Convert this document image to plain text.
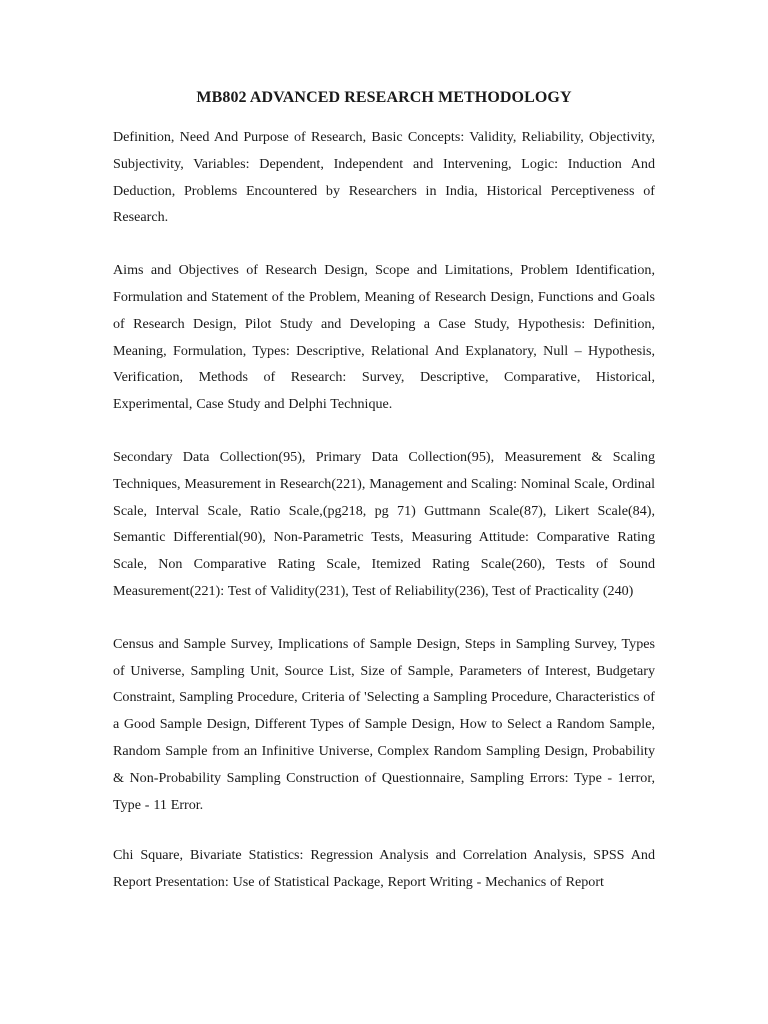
MB802 ADVANCED RESEARCH METHODOLOGY

Definition, Need And Purpose of Research, Basic Concepts: Validity, Reliability, Objectivity, Subjectivity, Variables: Dependent, Independent and Intervening, Logic: Induction And Deduction, Problems Encountered by Researchers in India, Historical Perceptiveness of Research.

Aims and Objectives of Research Design, Scope and Limitations, Problem Identification, Formulation and Statement of the Problem, Meaning of Research Design, Functions and Goals of Research Design, Pilot Study and Developing a Case Study, Hypothesis: Definition, Meaning, Formulation, Types: Descriptive, Relational And Explanatory, Null – Hypothesis, Verification, Methods of Research: Survey, Descriptive, Comparative, Historical, Experimental, Case Study and Delphi Technique.

Secondary Data Collection(95), Primary Data Collection(95), Measurement & Scaling Techniques, Measurement in Research(221), Management and Scaling: Nominal Scale, Ordinal Scale, Interval Scale, Ratio Scale,(pg218, pg 71) Guttmann Scale(87), Likert Scale(84), Semantic Differential(90), Non-Parametric Tests, Measuring Attitude: Comparative Rating Scale, Non Comparative Rating Scale, Itemized Rating Scale(260), Tests of Sound Measurement(221): Test of Validity(231), Test of Reliability(236), Test of Practicality (240)

Census and Sample Survey, Implications of Sample Design, Steps in Sampling Survey, Types of Universe, Sampling Unit, Source List, Size of Sample, Parameters of Interest, Budgetary Constraint, Sampling Procedure, Criteria of 'Selecting a Sampling Procedure, Characteristics of a Good Sample Design, Different Types of Sample Design, How to Select a Random Sample, Random Sample from an Infinitive Universe, Complex Random Sampling Design, Probability & Non-Probability Sampling Construction of Questionnaire, Sampling Errors: Type - 1error, Type - 11 Error.

Chi Square, Bivariate Statistics: Regression Analysis and Correlation Analysis, SPSS And Report Presentation: Use of Statistical Package, Report Writing - Mechanics of Report
